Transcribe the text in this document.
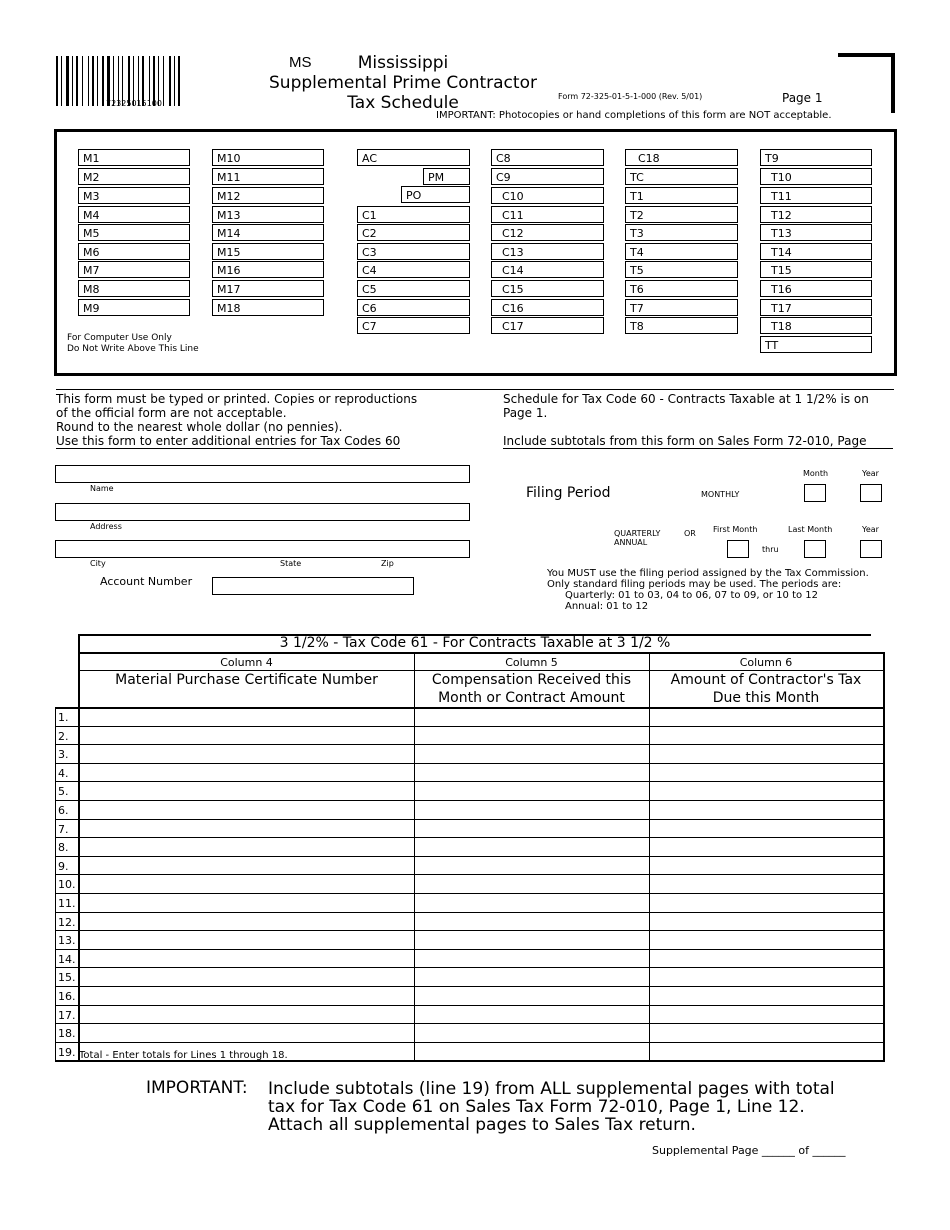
72325015100
MS	Mississippi
Supplemental Prime Contractor
Tax Schedule	Form 72-325-01-5-1-000 (Rev. 5/01)	Page 1
IMPORTANT: Photocopies or hand completions of this form are NOT acceptable.
M1
M2
M3
M4
M5
M6
M7
M8
M9
M10
M11
M12
M13
M14
M15
M16
M17
M18
AC
PM
PO
C1
C2
C3
C4
C5
C6
C7
C8
C9
C10
C11
C12
C13
C14
C15
C16
C17
C18
TC
T1
T2
T3
T4
T5
T6
T7
T8
T9
T10
T11
T12
T13
T14
T15
T16
T17
T18
TT
For Computer Use Only
Do Not Write Above This Line
This form must be typed or printed. Copies or reproductions
of the official form are not acceptable.
Round to the nearest whole dollar (no pennies).
Use this form to enter additional entries for Tax Codes 60
Schedule for Tax Code 60 - Contracts Taxable at 1 1/2% is on
Page 1.
Include subtotals from this form on Sales Form 72-010, Page
Name
Address
City	State	Zip
Account Number
Filing Period	MONTHLY
Month	Year
QUARTERLY
ANNUAL
OR First Month	Last Month	Year
thru
You MUST use the filing period assigned by the Tax Commission.
Only standard filing periods may be used. The periods are:
Quarterly: 01 to 03, 04 to 06, 07 to 09, or 10 to 12
Annual: 01 to 12
3 1/2% - Tax Code 61 - For Contracts Taxable at 3 1/2 %
Column 4	Column 5	Column 6
Material Purchase Certificate Number	Compensation Received this
Month or Contract Amount
Amount of Contractor's Tax
Due this Month
1.
2.
3.
4.
5.
6.
7.
8.
9.
10.
11.
12.
13.
14.
15.
16.
17.
18.
19. Total - Enter totals for Lines 1 through 18.
IMPORTANT: Include subtotals (line 19) from ALL supplemental pages with total
tax for Tax Code 61 on Sales Tax Form 72-010, Page 1, Line 12.
Attach all supplemental pages to Sales Tax return.
Supplemental Page ______ of ______
